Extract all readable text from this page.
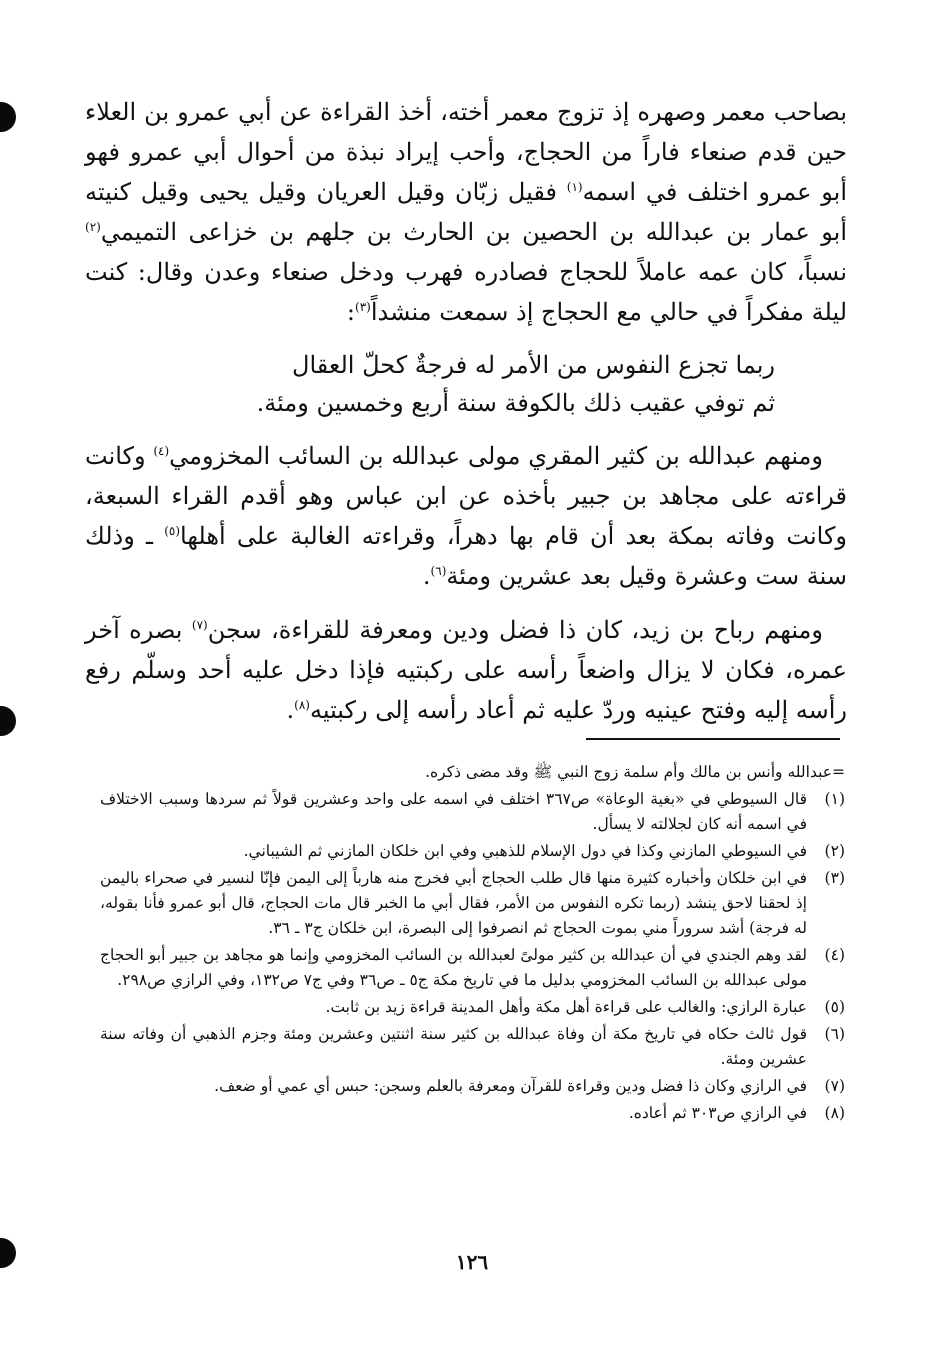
بصاحب معمر وصهره إذ تزوج معمر أخته، أخذ القراءة عن أبي عمرو بن العلاء حين قدم صنعاء فاراً من الحجاج، وأحب إيراد نبذة من أحوال أبي عمرو فهو أبو عمرو اختلف في اسمه$^{(١)}$ فقيل زبّان وقيل العريان وقيل يحيى وقيل كنيته أبو عمار بن عبدالله بن الحصين بن الحارث بن جلهم بن خزاعى التميمي$^{(٢)}$ نسباً، كان عمه عاملاً للحجاج فصادره فهرب ودخل صنعاء وعدن وقال: كنت ليلة مفكراً في حالي مع الحجاج إذ سمعت منشداً$^{(٣)}$:

ربما تجزع النفوس من الأمر له فرجةٌ كحلّ العقال
ثم توفي عقيب ذلك بالكوفة سنة أربع وخمسين ومئة.

ومنهم عبدالله بن كثير المقري مولى عبدالله بن السائب المخزومي$^{(٤)}$ وكانت قراءته على مجاهد بن جبير بأخذه عن ابن عباس وهو أقدم القراء السبعة، وكانت وفاته بمكة بعد أن قام بها دهراً، وقراءته الغالبة على أهلها$^{(٥)}$ ـ وذلك سنة ست وعشرة وقيل بعد عشرين ومئة$^{(٦)}$.

ومنهم رباح بن زيد، كان ذا فضل ودين ومعرفة للقراءة، سجن$^{(٧)}$ بصره آخر عمره، فكان لا يزال واضعاً رأسه على ركبتيه فإذا دخل عليه أحد وسلّم رفع رأسه إليه وفتح عينيه وردّ عليه ثم أعاد رأسه إلى ركبتيه$^{(٨)}$.

=عبدالله وأنس بن مالك وأم سلمة زوج النبي ﷺ وقد مضى ذكره.
(١)
قال السيوطي في «بغية الوعاة» ص٣٦٧ اختلف في اسمه على واحد وعشرين قولاً ثم سردها وسبب الاختلاف في اسمه أنه كان لجلالته لا يسأل.
(٢)
في السيوطي المازني وكذا في دول الإسلام للذهبي وفي ابن خلكان المازني ثم الشيباني.
(٣)
في ابن خلكان وأخباره كثيرة منها قال طلب الحجاج أبي فخرج منه هارباً إلى اليمن فإنّا لنسير في صحراء باليمن إذ لحقنا لاحق ينشد (ربما تكره النفوس من الأمر، فقال أبي ما الخبر قال مات الحجاج، قال أبو عمرو فأنا بقوله، له فرجة) أشد سروراً مني بموت الحجاج ثم انصرفوا إلى البصرة، ابن خلكان ج٣ ـ ٣٦.
(٤)
لقد وهم الجندي في أن عبدالله بن كثير مولىً لعبدالله بن السائب المخزومي وإنما هو مجاهد بن جبير أبو الحجاج مولى عبدالله بن السائب المخزومي بدليل ما في تاريخ مكة ج٥ ـ ص٣٦ وفي ج٧ ص١٣٢، وفي الرازي ص٢٩٨.
(٥)
عبارة الرازي: والغالب على قراءة أهل مكة وأهل المدينة قراءة زيد بن ثابت.
(٦)
قول ثالث حكاه في تاريخ مكة أن وفاة عبدالله بن كثير سنة اثنتين وعشرين ومئة وجزم الذهبي أن وفاته سنة عشرين ومئة.
(٧)
في الرازي وكان ذا فضل ودين وقراءة للقرآن ومعرفة بالعلم وسجن: حبس أي عمي أو ضعف.
(٨)
في الرازي ص٣٠٣ ثم أعاده.
١٢٦
